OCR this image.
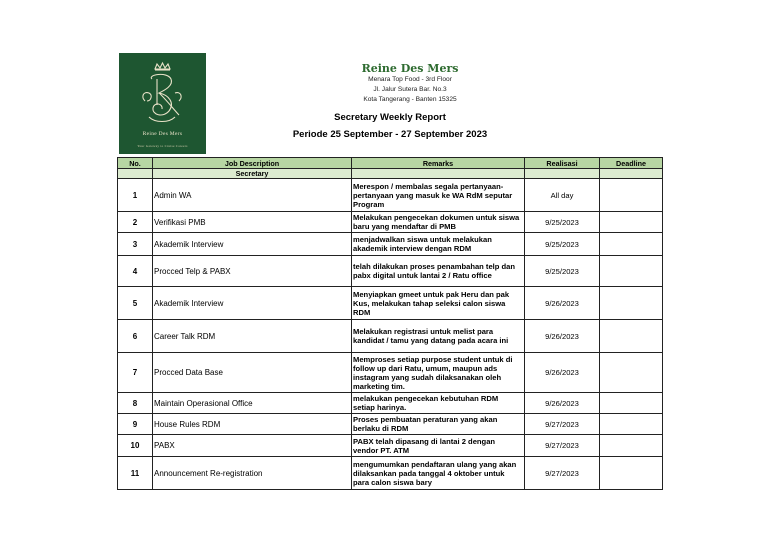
Reine Des Mers
Your Gateway to Cruise Careers
Reine Des Mers
Menara Top Food - 3rd Floor
Jl. Jalur Sutera Bar. No.3
Kota Tangerang - Banten 15325
Secretary Weekly Report
Periode 25 September - 27 September 2023
No.	Job Description	Remarks	Realisasi	Deadline
	Secretary			
1	Admin WA	Merespon / membalas segala pertanyaan-pertanyaan yang masuk ke WA RdM seputar Program	All day	
2	Verifikasi PMB	Melakukan pengecekan dokumen untuk siswa baru yang mendaftar di PMB	9/25/2023	
3	Akademik Interview	menjadwalkan siswa untuk melakukan akademik interview dengan RDM	9/25/2023	
4	Procced Telp & PABX	telah dilakukan proses penambahan telp dan pabx digital untuk lantai 2 / Ratu office	9/25/2023	
5	Akademik Interview	Menyiapkan gmeet untuk pak Heru dan pak Kus, melakukan tahap seleksi calon siswa RDM	9/26/2023	
6	Career Talk RDM	Melakukan registrasi untuk melist para kandidat / tamu yang datang pada acara ini	9/26/2023	
7	Procced Data Base	Memproses setiap purpose student untuk di follow up dari Ratu, umum, maupun ads instagram yang sudah dilaksanakan oleh marketing tim.	9/26/2023	
8	Maintain Operasional Office	melakukan pengecekan kebutuhan RDM setiap harinya.	9/26/2023	
9	House Rules RDM	Proses pembuatan peraturan yang akan berlaku di RDM	9/27/2023	
10	PABX	PABX telah dipasang di lantai 2 dengan vendor PT. ATM	9/27/2023	
11	Announcement Re-registration	mengumumkan pendaftaran ulang yang akan dilaksankan pada tanggal 4 oktober untuk para calon siswa bary	9/27/2023	
